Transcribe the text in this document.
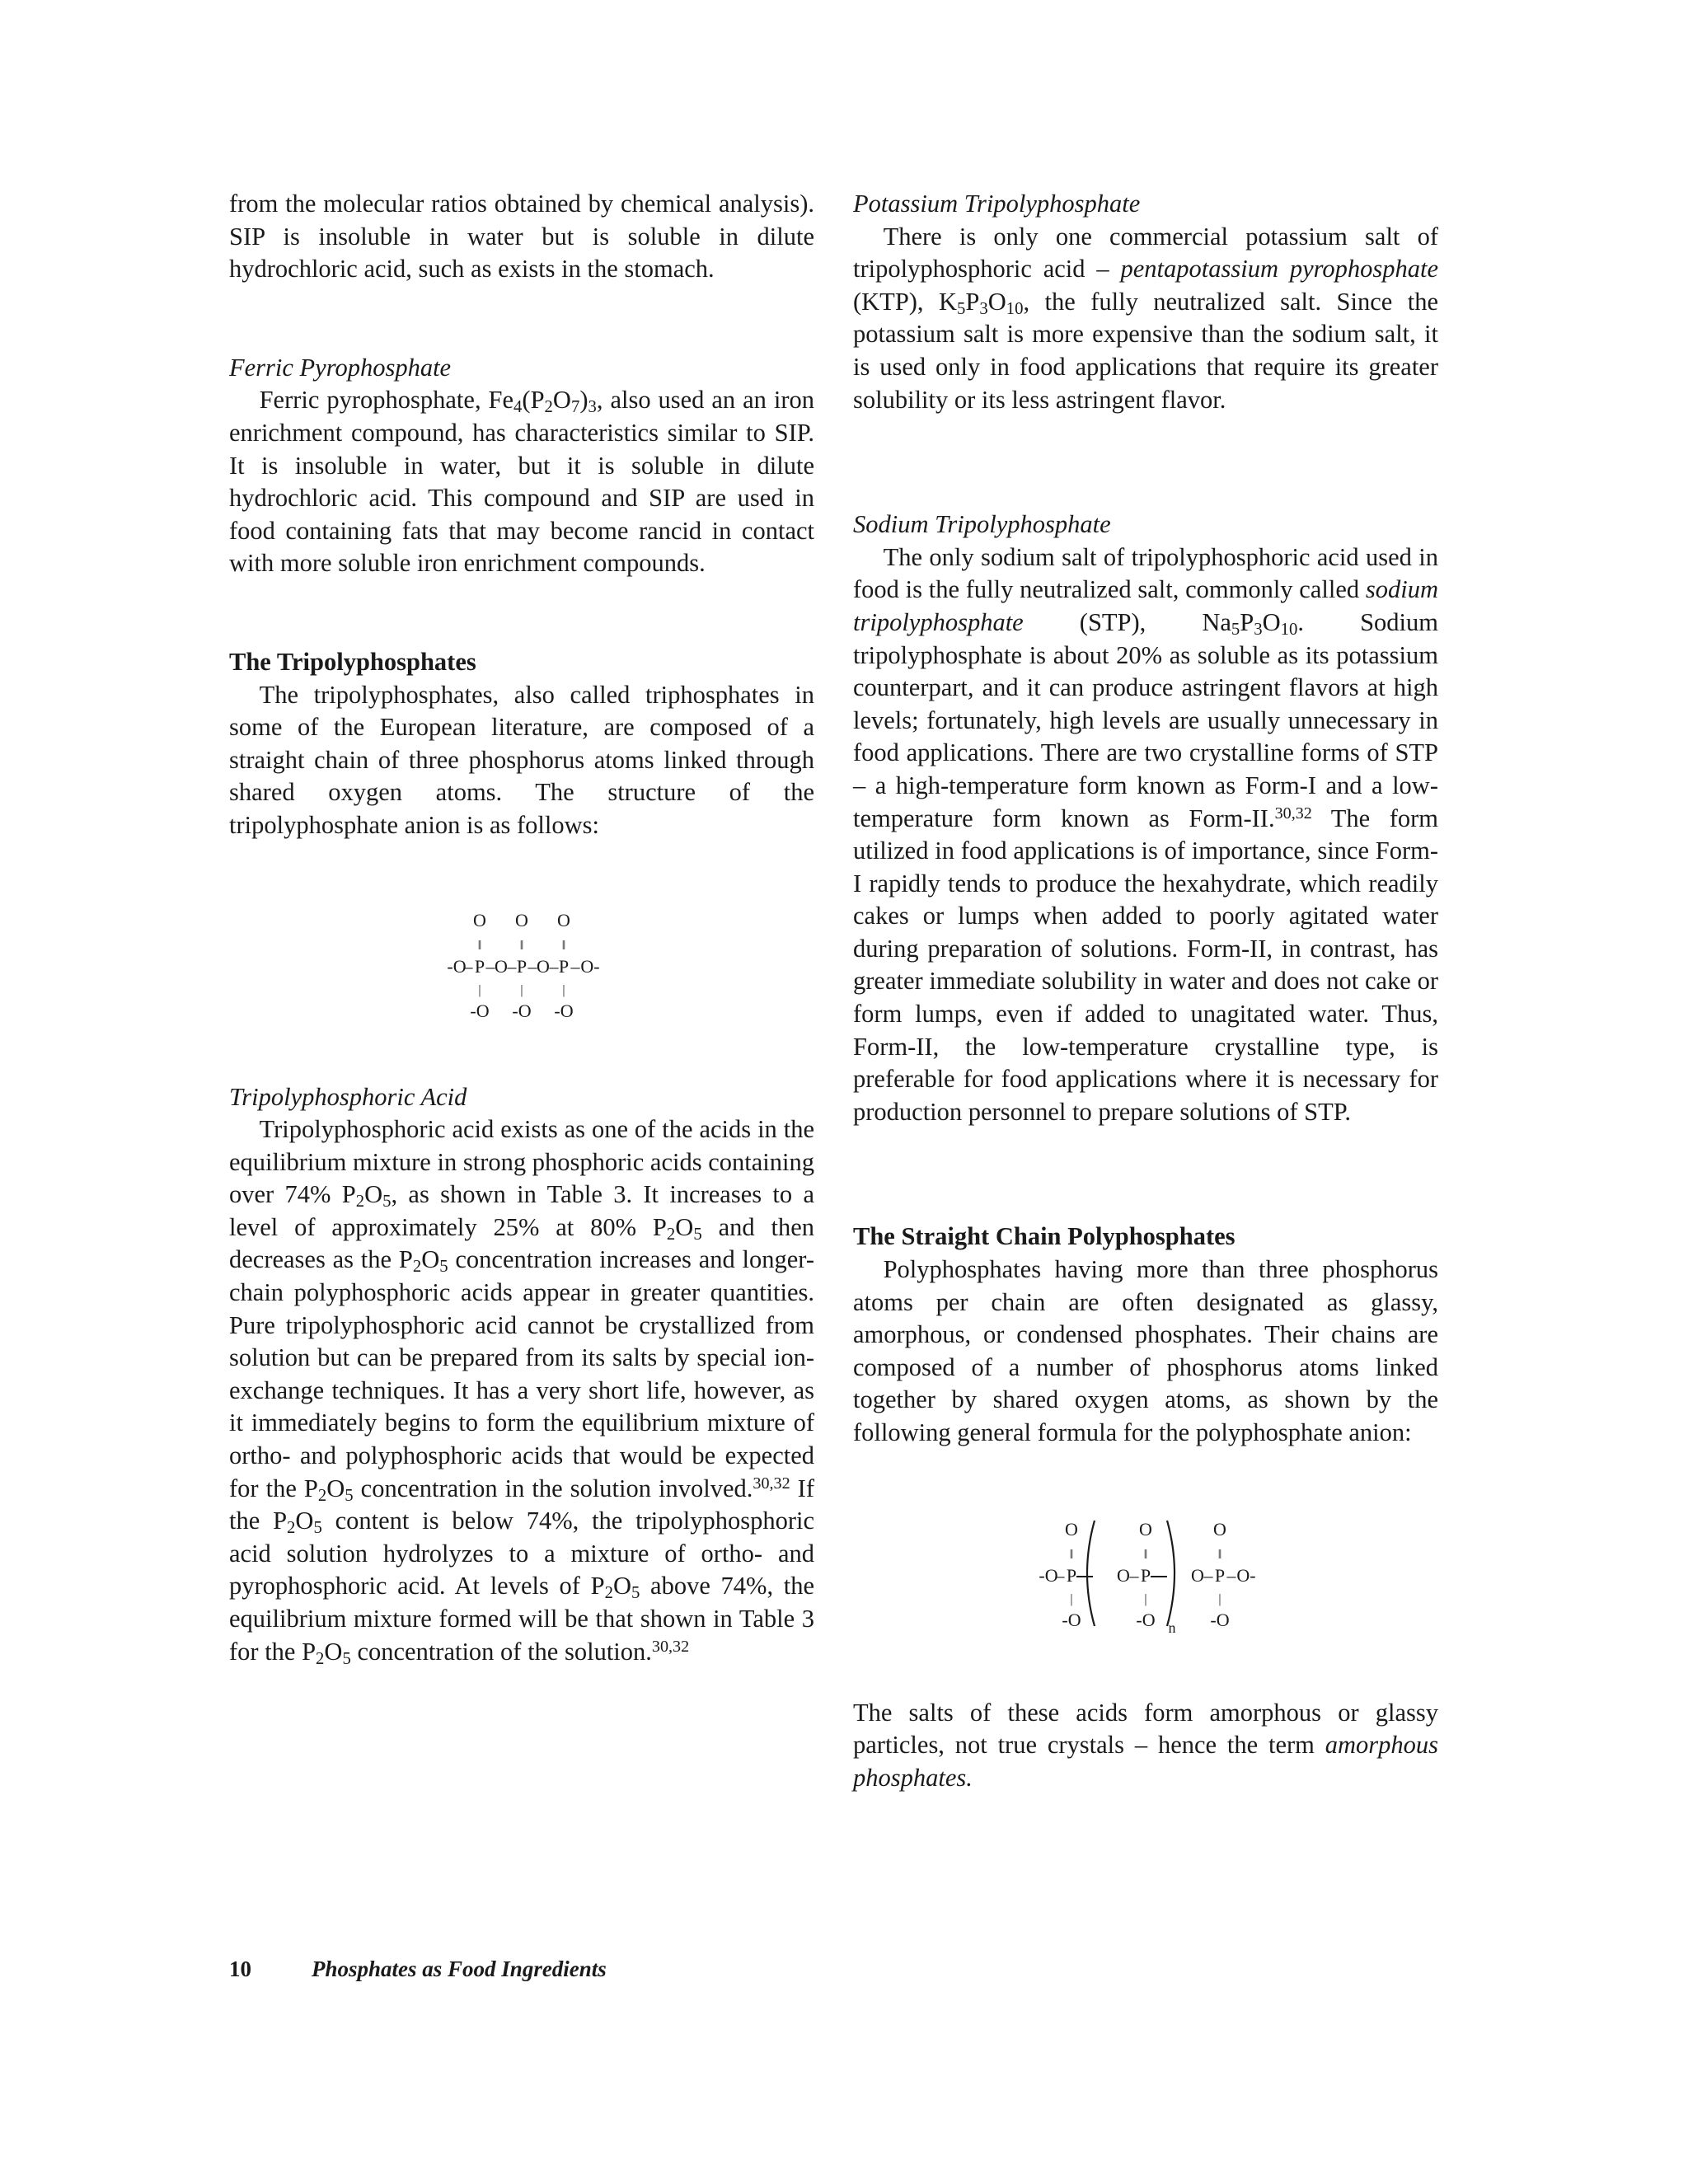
from the molecular ratios obtained by chemical analysis). SIP is insoluble in water but is soluble in dilute hydrochloric acid, such as exists in the stomach.

Ferric Pyrophosphate

Ferric pyrophosphate, $Fe_4(P_2O_7)_3$, also used an an iron enrichment compound, has characteristics similar to SIP. It is insoluble in water, but it is soluble in dilute hydrochloric acid. This compound and SIP are used in food containing fats that may become rancid in contact with more soluble iron enrichment compounds.

The Tripolyphosphates

The tripolyphosphates, also called triphosphates in some of the European literature, are composed of a straight chain of three phosphorus atoms linked through shared oxygen atoms. The structure of the tripolyphosphate anion is as follows:

O O O
‖	‖	‖
-O
– P – O – P – O – P – O-
|	|	|
-O -O -O

Tripolyphosphoric Acid

Tripolyphosphoric acid exists as one of the acids in the equilibrium mixture in strong phosphoric acids containing over 74% $P_2O_5$, as shown in Table 3. It increases to a level of approximately 25% at 80% $P_2O_5$ and then decreases as the $P_2O_5$ concentration increases and longer-chain polyphosphoric acids appear in greater quantities. Pure tripolyphosphoric acid cannot be crystallized from solution but can be prepared from its salts by special ion-exchange techniques. It has a very short life, however, as it immediately begins to form the equilibrium mixture of ortho- and polyphosphoric acids that would be expected for the $P_2O_5$ concentration in the solution involved.$^{30,32}$ If the $P_2O_5$ content is below 74%, the tripolyphosphoric acid solution hydrolyzes to a mixture of ortho- and pyrophosphoric acid. At levels of $P_2O_5$ above 74%, the equilibrium mixture formed will be that shown in Table 3 for the $P_2O_5$ concentration of the solution.$^{30,32}$

Potassium Tripolyphosphate

There is only one commercial potassium salt of tripolyphosphoric acid – pentapotassium pyrophosphate (KTP), $K_5P_3O_{10}$, the fully neutralized salt. Since the potassium salt is more expensive than the sodium salt, it is used only in food applications that require its greater solubility or its less astringent flavor.

Sodium Tripolyphosphate

The only sodium salt of tripolyphosphoric acid used in food is the fully neutralized salt, commonly called sodium tripolyphosphate (STP), $Na_5P_3O_{10}$. Sodium tripolyphosphate is about 20% as soluble as its potassium counterpart, and it can produce astringent flavors at high levels; fortunately, high levels are usually unnecessary in food applications. There are two crystalline forms of STP – a high-temperature form known as Form-I and a low-temperature form known as Form-II.$^{30,32}$ The form utilized in food applications is of importance, since Form-I rapidly tends to produce the hexahydrate, which readily cakes or lumps when added to poorly agitated water during preparation of solutions. Form-II, in contrast, has greater immediate solubility in water and does not cake or form lumps, even if added to unagitated water. Thus, Form-II, the low-temperature crystalline type, is preferable for food applications where it is necessary for production personnel to prepare solutions of STP.

The Straight Chain Polyphosphates

Polyphosphates having more than three phosphorus atoms per chain are often designated as glassy, amorphous, or condensed phosphates. Their chains are composed of a number of phosphorus atoms linked together by shared oxygen atoms, as shown by the following general formula for the polyphosphate anion:

O	O	O
‖	‖	‖
-O
– P O – P O – P – O-
|	|	|
-O	-O	-O
n

The salts of these acids form amorphous or glassy particles, not true crystals – hence the term amorphous phosphates.

10	Phosphates as Food Ingredients
